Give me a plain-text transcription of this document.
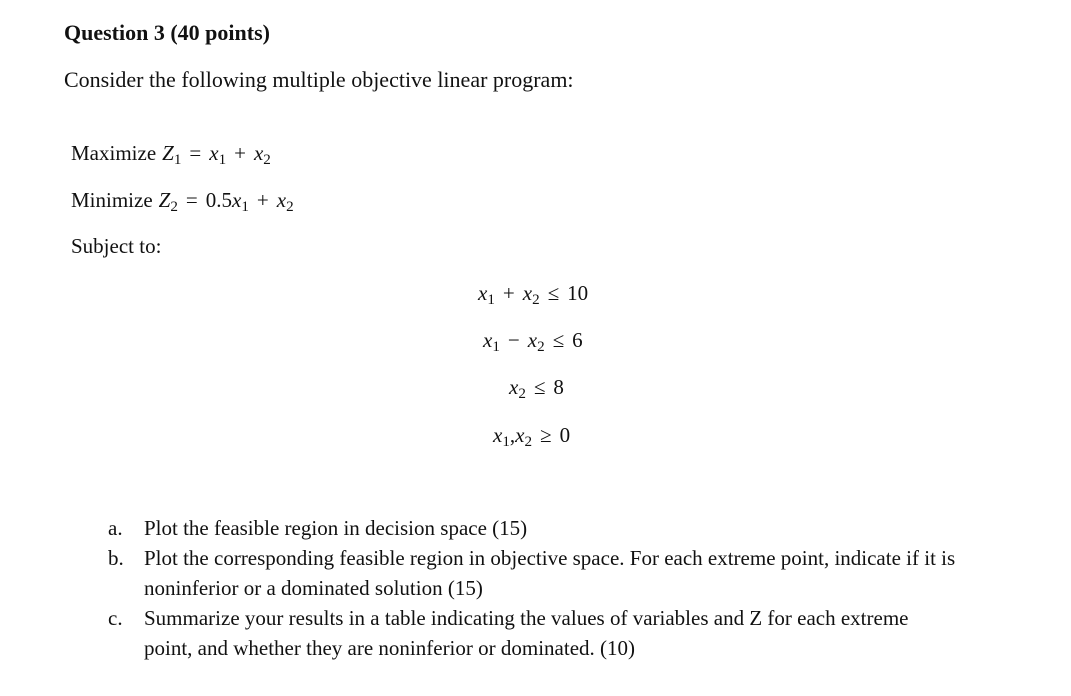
Question 3 (40 points)
Consider the following multiple objective linear program:
Maximize $Z_1 = x_1 + x_2$
Minimize $Z_2 = 0.5x_1 + x_2$
Subject to:
$x_1 + x_2 \le 10$
$x_1 - x_2 \le 6$
$x_2 \le 8$
$x_1,x_2 \ge 0$
a.	Plot the feasible region in decision space (15)
b. Plot the corresponding feasible region in objective space. For each extreme point, indicate if it is noninferior or a dominated solution (15)
c.	Summarize your results in a table indicating the values of variables and Z for each extreme point, and whether they are noninferior or dominated. (10)
